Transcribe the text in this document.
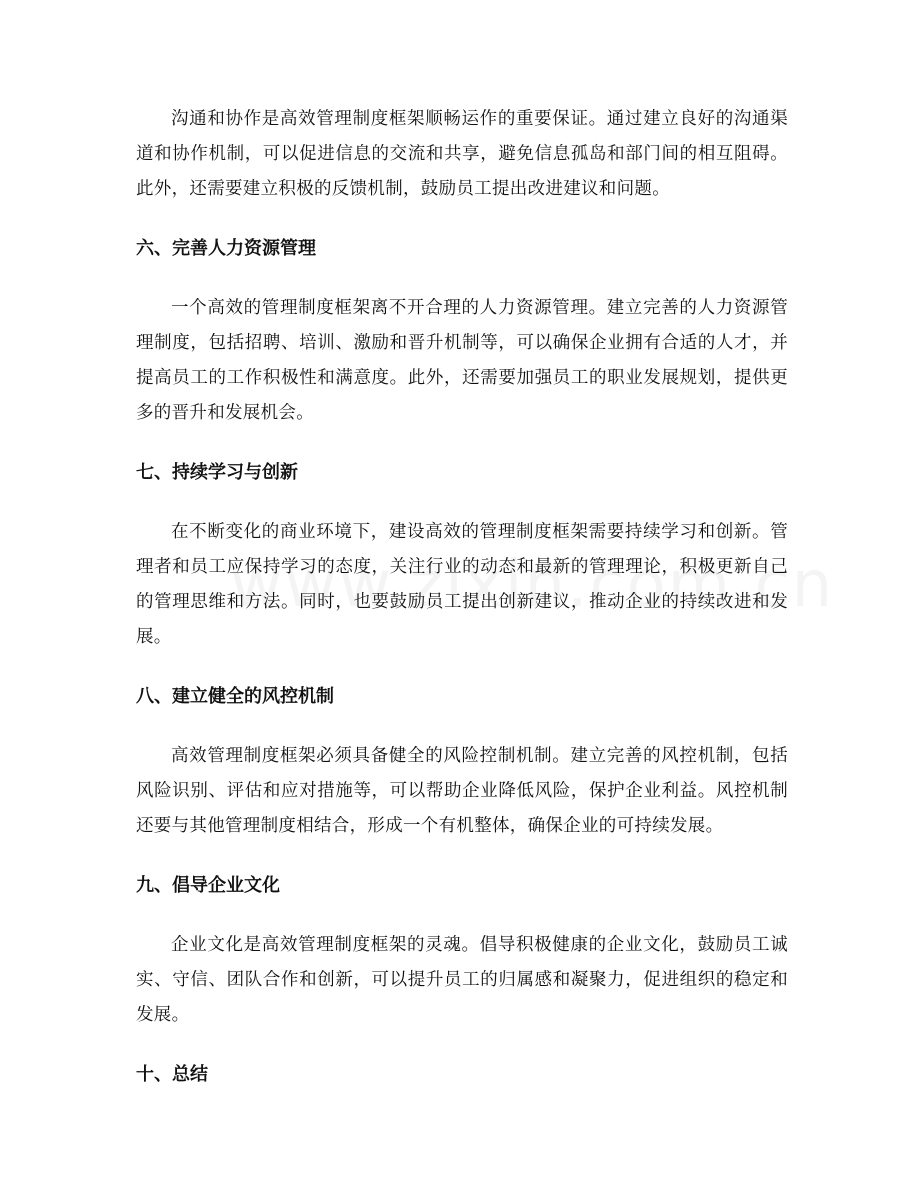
沟通和协作是高效管理制度框架顺畅运作的重要保证。通过建立良好的沟通渠道和协作机制，可以促进信息的交流和共享，避免信息孤岛和部门间的相互阻碍。此外，还需要建立积极的反馈机制，鼓励员工提出改进建议和问题。

六、完善人力资源管理

一个高效的管理制度框架离不开合理的人力资源管理。建立完善的人力资源管理制度，包括招聘、培训、激励和晋升机制等，可以确保企业拥有合适的人才，并提高员工的工作积极性和满意度。此外，还需要加强员工的职业发展规划，提供更多的晋升和发展机会。

七、持续学习与创新

在不断变化的商业环境下，建设高效的管理制度框架需要持续学习和创新。管理者和员工应保持学习的态度，关注行业的动态和最新的管理理论，积极更新自己的管理思维和方法。同时，也要鼓励员工提出创新建议，推动企业的持续改进和发展。

八、建立健全的风控机制

高效管理制度框架必须具备健全的风险控制机制。建立完善的风控机制，包括风险识别、评估和应对措施等，可以帮助企业降低风险，保护企业利益。风控机制还要与其他管理制度相结合，形成一个有机整体，确保企业的可持续发展。

九、倡导企业文化

企业文化是高效管理制度框架的灵魂。倡导积极健康的企业文化，鼓励员工诚实、守信、团队合作和创新，可以提升员工的归属感和凝聚力，促进组织的稳定和发展。

十、总结
